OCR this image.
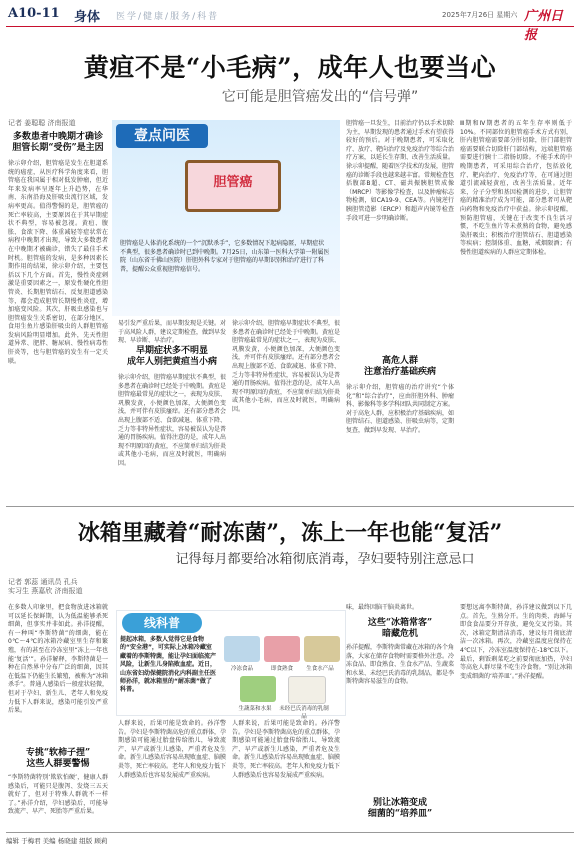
A10-11 身体 医学/健康/服务/科普	2025年7月26日 星期六 广州日报
黄疸不是“小毛病”，成年人也要当心
它可能是胆管癌发出的“信号弹”
记者 姜聪聪 济南报道
多数患者中晚期才确诊
胆管长期“受伤”是主因
徐示卯介绍，胆管癌是发生在胆道系统的癌症，从医疗科学角度来看，胆管癌在我国属于相对低发肿瘤，但近年来发病率呈逐年上升趋势，在华南、东南沿海及肝吸虫流行区域，发病率更高。值得警惕的是，胆管癌的死亡率较高，主要原因在于其早期症状不典型，容易被忽视。黄疸、腹胀、食欲下降、体重减轻等症状常在病程中晚期才出现，导致大多数患者在中晚期才被确诊，错失了最佳手术时机。胆管癌的发病，是多种因素长期作用的结果，徐示卯介绍，主要包括以下几个方面。首先，慢性炎症刺激是重要因素之一，原发性硬化性胆管炎、长期胆管结石、反复胆道感染等，都会造成胆管长期慢性炎症，增加癌变风险。其次，肝吸虫感染也与胆管癌发生关系密切，在部分地区，食用生鱼片感染肝吸虫的人群胆管癌发病风险明显增加。此外，先天性胆道异常、肥胖、糖尿病、慢性病毒性肝炎等，也与胆管癌的发生有一定关联。
壹点问医
胆管癌
胆管癌是人体消化系统的一个“沉默杀手”，它多数情况下起病隐匿，早期症状不典型，很多患者确诊时已到中晚期。7月25日，山东第一医科大学第一附属医院（山东省千佛山医院）肝胆外科专家对于胆管癌的早期识别和治疗进行了科普，提醒公众重视胆管癌信号。
易引发严重后果，而早期发现是关键。对于高风险人群，建议定期检查，做到早发现、早诊断、早治疗。
早期症状多不明显
成年人别把黄疸当小病
徐示卯介绍，胆管癌早期症状不典型，很多患者在确诊时已经处于中晚期。黄疸是胆管癌最常见的症状之一，表现为皮肤、巩膜发黄，小便颜色加深，大便颜色变浅，并可伴有皮肤瘙痒。还有部分患者会出现上腹部不适、食欲减退、体重下降、乏力等非特异性症状，容易被误认为是普通的胃肠疾病。值得注意的是，成年人出现不明原因的黄疸，不应简单归结为肝炎或其他小毛病，而应及时就医，明确病因。
徐示卯介绍，胆管癌早期症状不典型，很多患者在确诊时已经处于中晚期。黄疸是胆管癌最常见的症状之一，表现为皮肤、巩膜发黄，小便颜色加深，大便颜色变浅，并可伴有皮肤瘙痒。还有部分患者会出现上腹部不适、食欲减退、体重下降、乏力等非特异性症状，容易被误认为是普通的胃肠疾病。值得注意的是，成年人出现不明原因的黄疸，不应简单归结为肝炎或其他小毛病，而应及时就医，明确病因。
胆管癌一旦发生，目前治疗仍以手术切除为主，早期发现的患者通过手术有望获得较好的预后。对于晚期患者，可采取化疗、放疗、靶向治疗及免疫治疗等综合治疗方案，以延长生存期、改善生活质量。徐示卯提醒，随着医学技术的发展，胆管癌的诊断手段也越来越丰富。常规检查包括腹部B超、CT、磁共振胰胆管成像（MRCP）等影像学检查，以及肿瘤标志物检测，如CA19-9、CEA等。内镜逆行胰胆管造影（ERCP）和超声内镜等检查手段可进一步明确诊断。
高危人群
注意治疗基础疾病
徐示卯介绍，胆管癌的治疗讲究“个体化”和“综合治疗”，应由肝胆外科、肿瘤科、影像科等多学科团队共同制定方案。对于高危人群，应积极治疗基础疾病，如胆管结石、胆道感染、肝吸虫病等，定期复查，做到早发现、早治疗。
Ⅲ期和Ⅳ期患者的五年生存率则低于10%。不同部位的胆管癌手术方式有别，肝内胆管癌需要部分肝切除，肝门部胆管癌需要联合切除肝门部结构，远端胆管癌需要进行胰十二指肠切除。不能手术的中晚期患者，可采用综合治疗，包括放化疗、靶向治疗、免疫治疗等，在可通过胆道引流减轻黄疸，改善生活质量。近年来，分子分型和基因检测的进步，让胆管癌的精准治疗成为可能，部分患者可从靶向药物和免疫治疗中获益。徐示卯提醒，预防胆管癌，关键在于改变不良生活习惯，不吃生鱼片等未煮熟的食物，避免感染肝吸虫；积极治疗胆管结石、胆道感染等疾病；控制体重、血糖，戒烟限酒；有慢性胆道疾病的人群应定期体检。
冰箱里藏着“耐冻菌”，冻上一年也能“复活”
记得每月都要给冰箱彻底消毒，孕妇要特别注意忌口
记者 郭蕊 通讯员 孔兵
实习生 燕嘉欣 济南报道
在多数人印象里，把食物放进冰箱就可以延长保鲜期，认为低温能够杀死细菌，但事实并非如此。孙洋提醒，有一种叫“李斯特菌”的细菌，能在0℃～4℃的冰箱冷藏室里生存和繁殖，有的甚至在冷冻室里“冻上一年也能‘复活’”。孙洋解释，李斯特菌是一种在自然界中分布广泛的细菌，因其在低温下仍能生长繁殖，被称为“冰箱杀手”。普通人感染后一般症状轻微，但对于孕妇、新生儿、老年人和免疫力低下人群来说，感染可能引发严重后果。
专挑“软柿子捏”
这些人群要警惕
“李斯特菌特别‘欺软怕硬’，健康人群感染后，可能只是腹泻、发烧三五天就好了，但对于特殊人群就不一样了。”孙洋介绍，孕妇感染后，可能导致流产、早产、死胎等严重后果。
线科普
提起冰箱，多数人觉得它是食物的“安全港”，可实际上冰箱冷藏室藏着的李斯特菌，能让孕妇面临流产风险，让新生儿身陷败血症。近日，山东省妇幼保健院消化内科副主任医师孙洋，就冰箱里的“耐冻菌”做了科普。
冷冻食品	即食熟食	生食水产品
生蔬菜和水果	未经巴氏消毒的乳制品
人群来说，后果可能是致命的。孙洋警告。孕妇是李斯特菌高危的重点群体，孕期感染可能通过胎盘传给胎儿，导致流产、早产或新生儿感染，严重者危及生命。新生儿感染后容易出现败血症、脑膜炎等，死亡率较高。老年人和免疫力低下人群感染后也容易发展成严重疾病。
人群来说，后果可能是致命的。孙洋警告。孕妇是李斯特菌高危的重点群体，孕期感染可能通过胎盘传给胎儿，导致流产、早产或新生儿感染，严重者危及生命。新生儿感染后容易出现败血症、脑膜炎等，死亡率较高。老年人和免疫力低下人群感染后也容易发展成严重疾病。
味，最终因脑干脑炎离世。
这些“冰箱常客”
暗藏危机
孙洋提醒，李斯特菌常藏在冰箱的各个角落，大家在储存食物时需要格外注意。冷冻食品、即食熟食、生食水产品、生蔬菜和水果、未经巴氏消毒的乳制品，都是李斯特菌容易滋生的食物。
别让冰箱变成
细菌的“培养皿”
要想远离李斯特菌，孙洋建议做到以下几点。首先，生熟分开。生的肉类、海鲜与即食食品要分开存放，避免交叉污染。其次，冰箱定期清洁消毒，建议每月彻底清洁一次冰箱。再次，冷藏室温度应保持在4℃以下，冷冻室温度保持在-18℃以下。最后，剩饭剩菜吃之前要彻底加热，孕妇等高危人群尽量不吃生冷食物。“别让冰箱变成细菌的‘培养皿’。”孙洋提醒。
编辑 于梅君 美编 杨晓建 组版 顾莉
